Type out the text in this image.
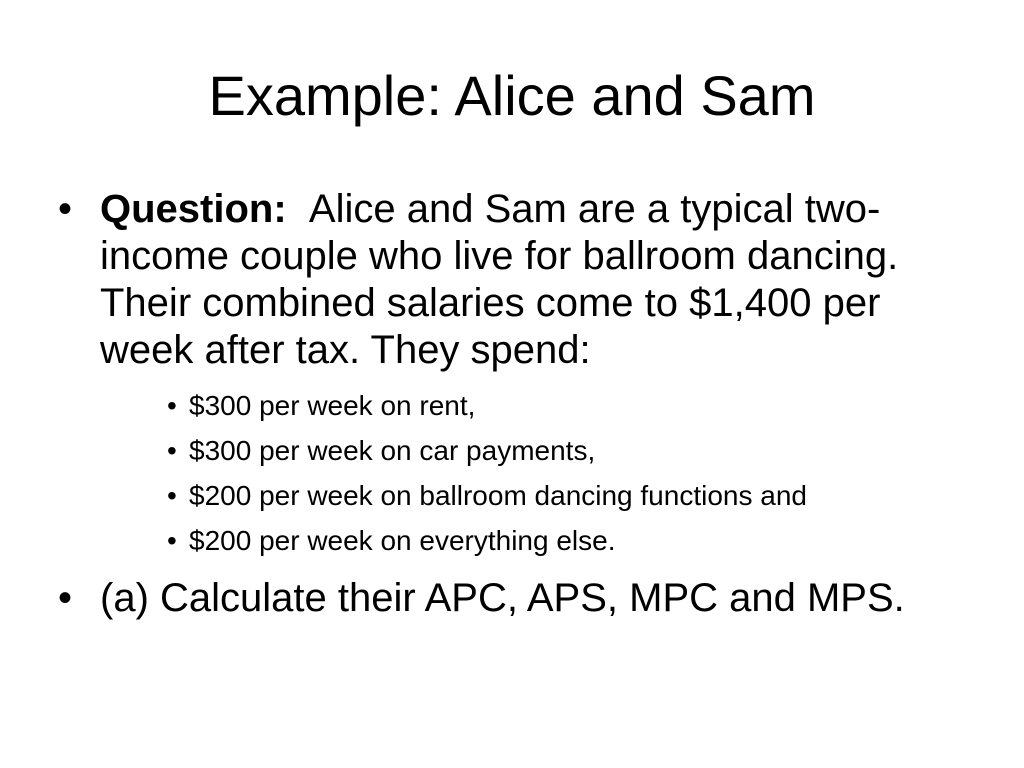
Example: Alice and Sam
• Question: Alice and Sam are a typical two-income couple who live for ballroom dancing. Their combined salaries come to $1,400 per week after tax. They spend:
• $300 per week on rent,
• $300 per week on car payments,
• $200 per week on ballroom dancing functions and
• $200 per week on everything else.
• (a) Calculate their APC, APS, MPC and MPS.
